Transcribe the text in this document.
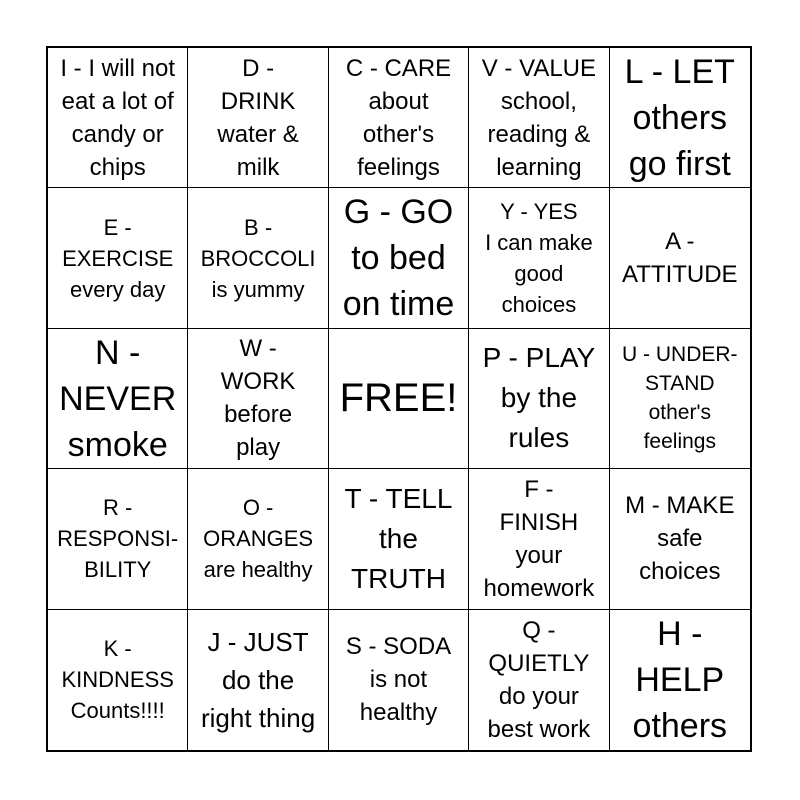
I - I will not
eat a lot of
candy or
chips
D -
DRINK
water &
milk
C - CARE
about
other's
feelings
V - VALUE
school,
reading &
learning
L - LET
others
go first
E -
EXERCISE
every day
B -
BROCCOLI
is yummy
G - GO
to bed
on time
Y - YES
I can make
good
choices
A -
ATTITUDE
N -
NEVER
smoke
W -
WORK
before
play
FREE!
P - PLAY
by the
rules
U - UNDER-
STAND
other's
feelings
R -
RESPONSI-
BILITY
O -
ORANGES
are healthy
T - TELL
the
TRUTH
F -
FINISH
your
homework
M - MAKE
safe
choices
K -
KINDNESS
Counts!!!!
J - JUST
do the
right thing
S - SODA
is not
healthy
Q -
QUIETLY
do your
best work
H -
HELP
others
